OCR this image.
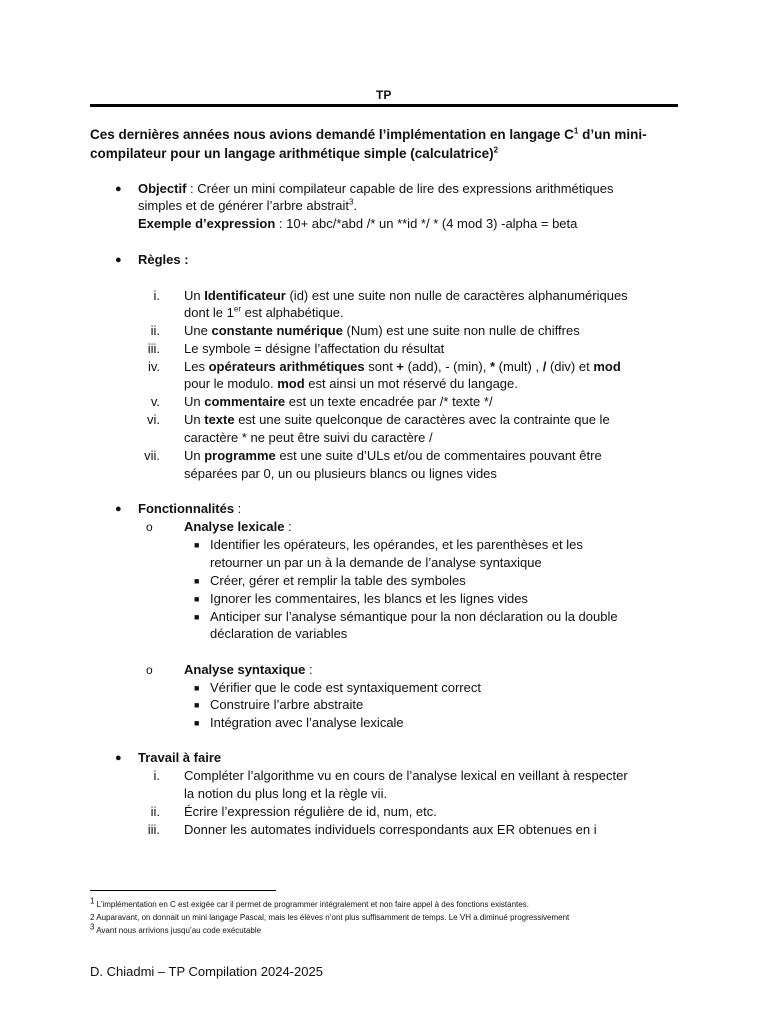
TP
Ces dernières années nous avions demandé l’implémentation en langage $C^1$ d’un mini-
compilateur pour un langage arithmétique simple (calculatrice)$^2$
● Objectif : Créer un mini compilateur capable de lire des expressions arithmétiques
simples et de générer l’arbre abstrait$^3$.
Exemple d’expression : 10+ abc/*abd /* un **id */ * (4 mod 3) -alpha = beta
● Règles :
i. Un Identificateur (id) est une suite non nulle de caractères alphanumériques
dont le 1er est alphabétique.
ii. Une constante numérique (Num) est une suite non nulle de chiffres
iii. Le symbole = désigne l’affectation du résultat
iv. Les opérateurs arithmétiques sont + (add), - (min), * (mult) , / (div) et mod
pour le modulo. mod est ainsi un mot réservé du langage.
v. Un commentaire est un texte encadrée par /* texte */
vi. Un texte est une suite quelconque de caractères avec la contrainte que le
caractère * ne peut être suivi du caractère /
vii. Un programme est une suite d’ULs et/ou de commentaires pouvant être
séparées par 0, un ou plusieurs blancs ou lignes vides
● Fonctionnalités :
o Analyse lexicale :
■ Identifier les opérateurs, les opérandes, et les parenthèses et les
retourner un par un à la demande de l’analyse syntaxique
■ Créer, gérer et remplir la table des symboles
■ Ignorer les commentaires, les blancs et les lignes vides
■ Anticiper sur l’analyse sémantique pour la non déclaration ou la double
déclaration de variables
o Analyse syntaxique :
■ Vérifier que le code est syntaxiquement correct
■ Construire l’arbre abstraite
■ Intégration avec l’analyse lexicale
● Travail à faire
i. Compléter l’algorithme vu en cours de l’analyse lexical en veillant à respecter
la notion du plus long et la règle vii.
ii. Écrire l’expression régulière de id, num, etc.
iii. Donner les automates individuels correspondants aux ER obtenues en i
$^1$ L’implémentation en C est exigée car il permet de programmer intégralement et non faire appel à des fonctions existantes.
2 Auparavant, on donnait un mini langage Pascal, mais les élèves n’ont plus suffisamment de temps. Le VH a diminué progressivement
$^3$ Avant nous arrivions jusqu’au code exécutable
D. Chiadmi – TP Compilation 2024-2025
